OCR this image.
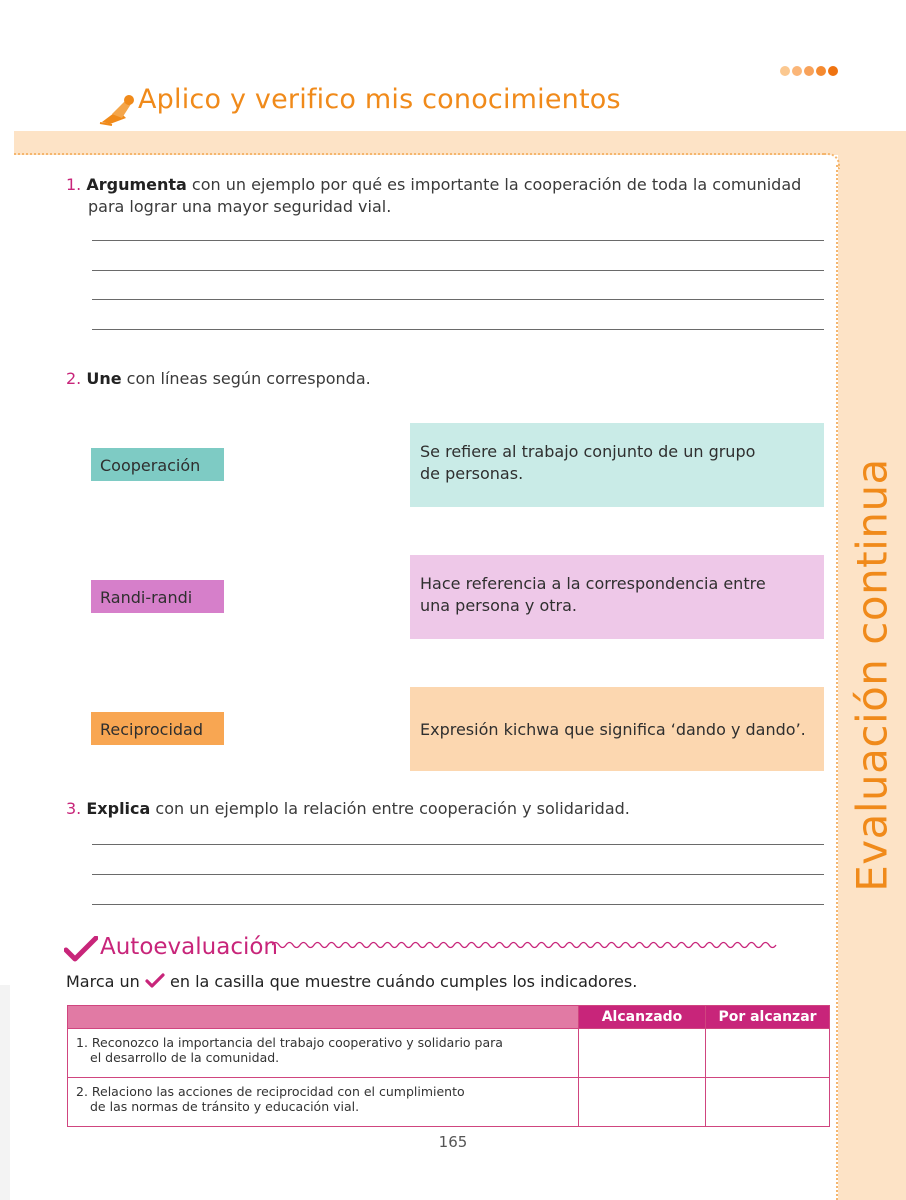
Aplico y verifico mis conocimientos
Evaluación continua
1. Argumenta con un ejemplo por qué es importante la cooperación de toda la comunidad
para lograr una mayor seguridad vial.
2. Une con líneas según corresponda.
Cooperación
Randi-randi
Reciprocidad
Se refiere al trabajo conjunto de un grupo
de personas.
Hace referencia a la correspondencia entre
una persona y otra.
Expresión kichwa que significa ‘dando y dando’.
3. Explica con un ejemplo la relación entre cooperación y solidaridad.
Autoevaluación
Marca un en la casilla que muestre cuándo cumples los indicadores.
	Alcanzado	Por alcanzar
1. Reconozco la importancia del trabajo cooperativo y solidario para
el desarrollo de la comunidad.		
2. Relaciono las acciones de reciprocidad con el cumplimiento
de las normas de tránsito y educación vial.		
165
